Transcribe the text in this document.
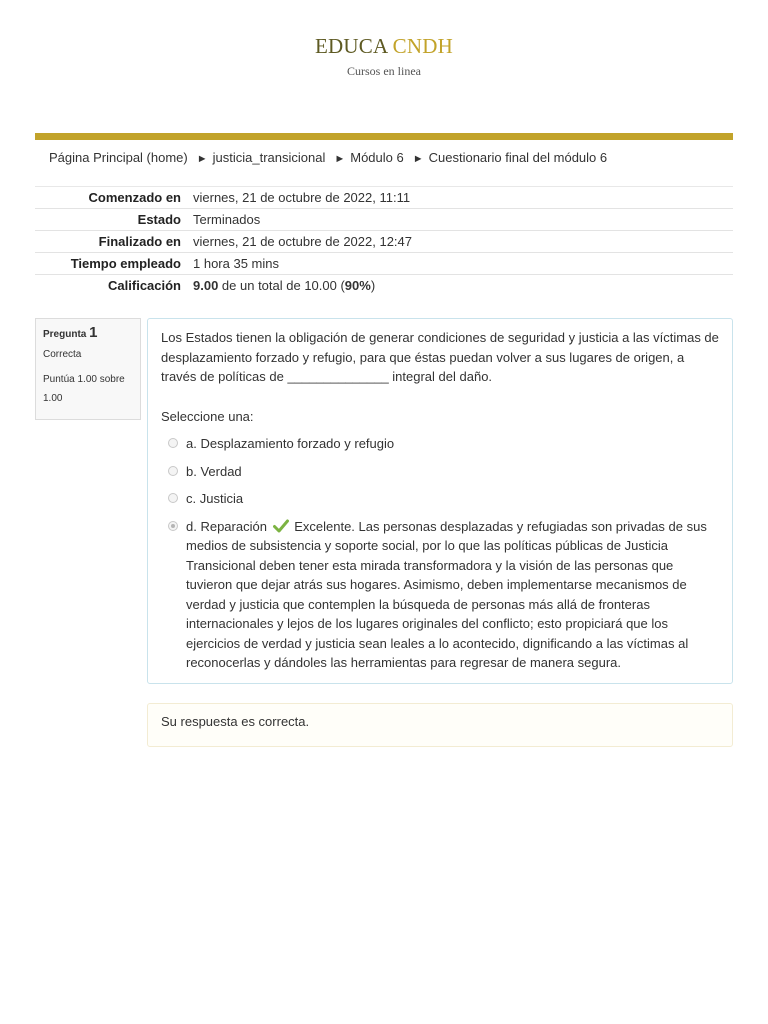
EDUCA CNDH
Cursos en linea
Página Principal (home) ► justicia_transicional ► Módulo 6 ► Cuestionario final del módulo 6
Comenzado en	viernes, 21 de octubre de 2022, 11:11
Estado	Terminados
Finalizado en	viernes, 21 de octubre de 2022, 12:47
Tiempo empleado	1 hora 35 mins
Calificación	9.00 de un total de 10.00 (90%)
Pregunta 1
Correcta
Puntúa 1.00 sobre 1.00

Los Estados tienen la obligación de generar condiciones de seguridad y justicia a las víctimas de desplazamiento forzado y refugio, para que éstas puedan volver a sus lugares de origen, a través de políticas de ______________ integral del daño.

Seleccione una:
a. Desplazamiento forzado y refugio
b. Verdad
c. Justicia
d. Reparación Excelente. Las personas desplazadas y refugiadas son privadas de sus medios de subsistencia y soporte social, por lo que las políticas públicas de Justicia Transicional deben tener esta mirada transformadora y la visión de las personas que tuvieron que dejar atrás sus hogares. Asimismo, deben implementarse mecanismos de verdad y justicia que contemplen la búsqueda de personas más allá de fronteras internacionales y lejos de los lugares originales del conflicto; esto propiciará que los ejercicios de verdad y justicia sean leales a lo acontecido, dignificando a las víctimas al reconocerlas y dándoles las herramientas para regresar de manera segura.
Su respuesta es correcta.
